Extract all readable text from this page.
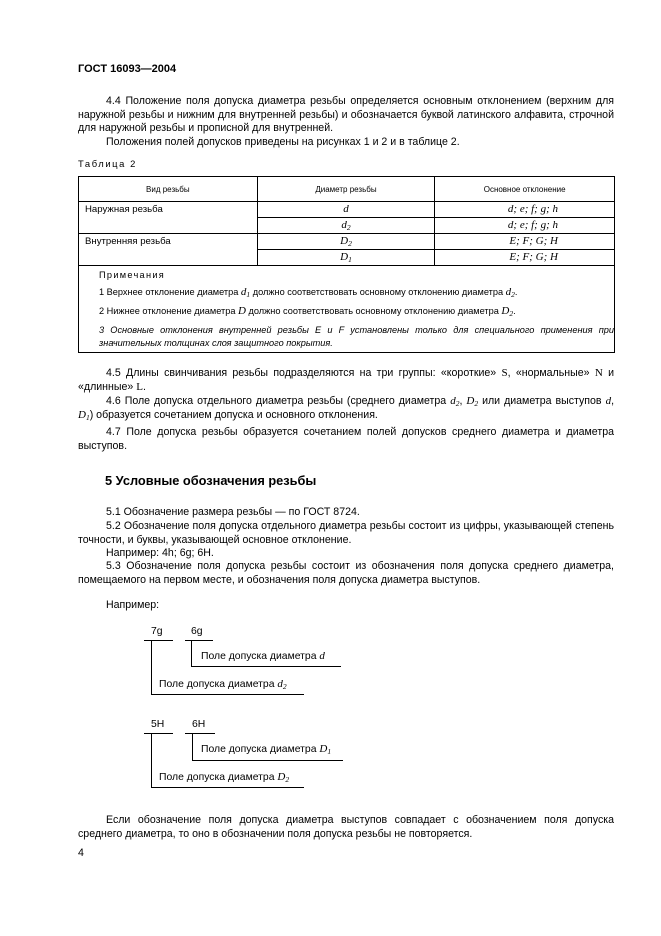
ГОСТ 16093—2004
4.4 Положение поля допуска диаметра резьбы определяется основным отклонением (верхним для наружной резьбы и нижним для внутренней резьбы) и обозначается буквой латинского алфавита, строчной для наружной резьбы и прописной для внутренней.
Положения полей допусков приведены на рисунках 1 и 2 и в таблице 2.
Таблица 2
Вид резьбы	Диаметр резьбы	Основное отклонение
Наружная резьба	d	d; e; f; g; h
	$d_2$	d; e; f; g; h
Внутренняя резьба	$D_2$	E; F; G; H
	$D_1$	E; F; G; H

Примечания
1 Верхнее отклонение диаметра $d_1$ должно соответствовать основному отклонению диаметра $d_2$.
2 Нижнее отклонение диаметра D должно соответствовать основному отклонению диаметра $D_2$.
3 Основные отклонения внутренней резьбы E и F установлены только для специального применения при значительных толщинах слоя защитного покрытия.		
4.5 Длины свинчивания резьбы подразделяются на три группы: «короткие» S, «нормальные» N и «длинные» L.
4.6 Поле допуска отдельного диаметра резьбы (среднего диаметра $d_2$, $D_2$ или диаметра выступов d, $D_1$) образуется сочетанием допуска и основного отклонения.
4.7 Поле допуска резьбы образуется сочетанием полей допусков среднего диаметра и диаметра выступов.
5 Условные обозначения резьбы
5.1 Обозначение размера резьбы — по ГОСТ 8724.
5.2 Обозначение поля допуска отдельного диаметра резьбы состоит из цифры, указывающей степень точности, и буквы, указывающей основное отклонение.
Например: 4h; 6g; 6H.
5.3 Обозначение поля допуска резьбы состоит из обозначения поля допуска среднего диаметра, помещаемого на первом месте, и обозначения поля допуска диаметра выступов.
Например:
7g	6g
Поле допуска диаметра d
Поле допуска диаметра $d_2$
5H	6H
Поле допуска диаметра $D_1$
Поле допуска диаметра $D_2$
Если обозначение поля допуска диаметра выступов совпадает с обозначением поля допуска среднего диаметра, то оно в обозначении поля допуска резьбы не повторяется.
4
